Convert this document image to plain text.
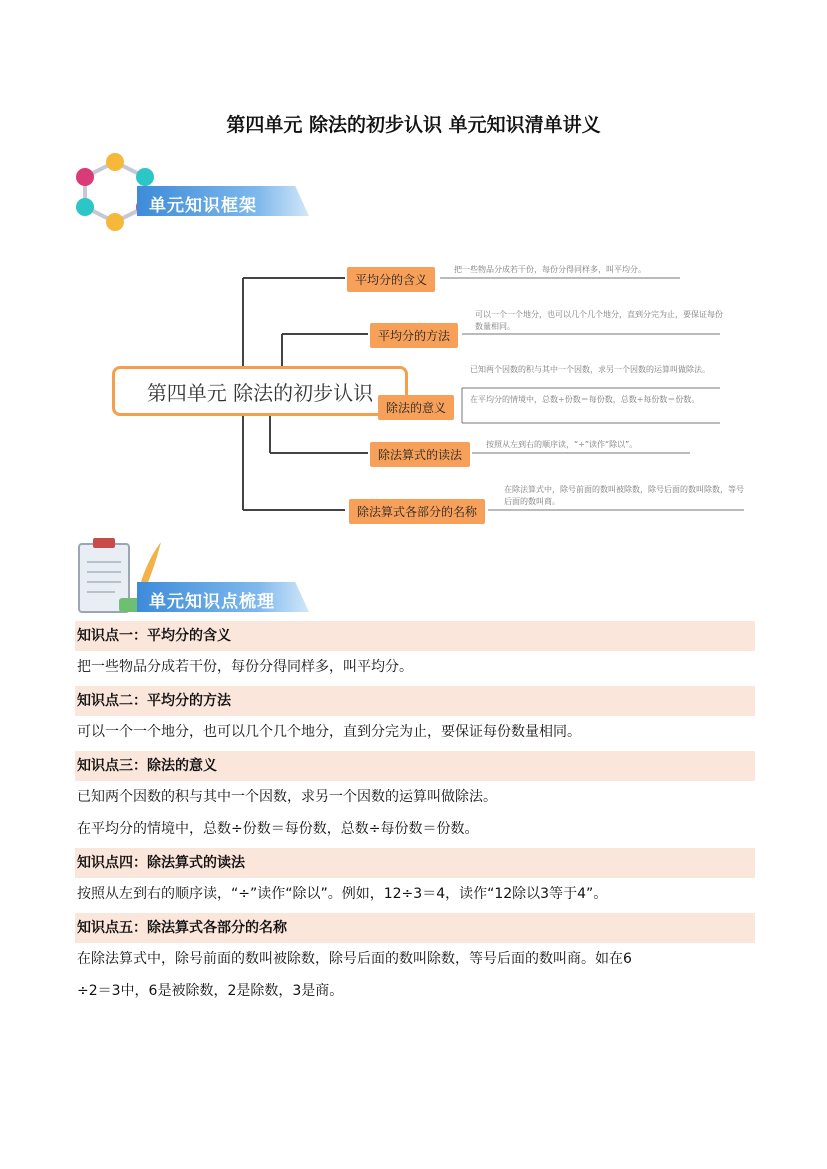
第四单元 除法的初步认识 单元知识清单讲义
单元知识框架
第四单元 除法的初步认识
平均分的含义
把一些物品分成若干份，每份分得同样多，叫平均分。
平均分的方法
可以一个一个地分，也可以几个几个地分，直到分完为止，要保证每份数量相同。
除法的意义
已知两个因数的积与其中一个因数，求另一个因数的运算叫做除法。
在平均分的情境中，总数÷份数＝每份数，总数÷每份数＝份数。
除法算式的读法
按照从左到右的顺序读，“÷”读作“除以”。
除法算式各部分的名称
在除法算式中，除号前面的数叫被除数，除号后面的数叫除数，等号后面的数叫商。
单元知识点梳理
知识点一：平均分的含义
把一些物品分成若干份，每份分得同样多，叫平均分。
知识点二：平均分的方法
可以一个一个地分，也可以几个几个地分，直到分完为止，要保证每份数量相同。
知识点三：除法的意义
已知两个因数的积与其中一个因数，求另一个因数的运算叫做除法。
在平均分的情境中，总数÷份数＝每份数，总数÷每份数＝份数。
知识点四：除法算式的读法
按照从左到右的顺序读，“÷”读作“除以”。例如，12÷3＝4，读作“12除以3等于4”。
知识点五：除法算式各部分的名称
在除法算式中，除号前面的数叫被除数，除号后面的数叫除数，等号后面的数叫商。如在6
÷2＝3中，6是被除数，2是除数，3是商。
